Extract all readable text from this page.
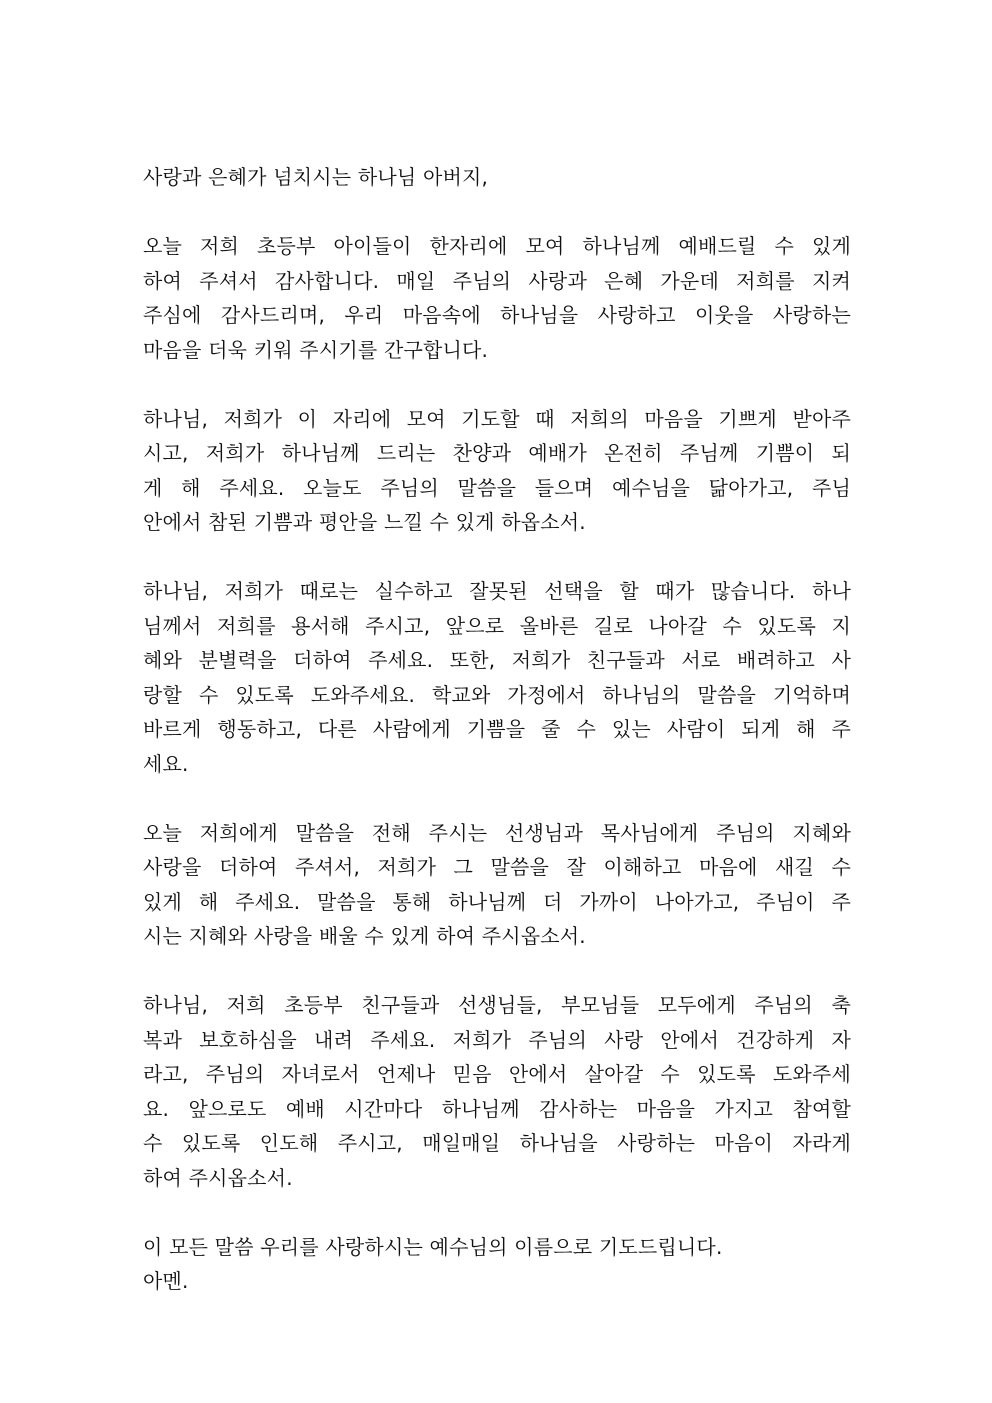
사랑과 은혜가 넘치시는 하나님 아버지,

오늘 저희 초등부 아이들이 한자리에 모여 하나님께 예배드릴 수 있게
하여 주셔서 감사합니다. 매일 주님의 사랑과 은혜 가운데 저희를 지켜
주심에 감사드리며, 우리 마음속에 하나님을 사랑하고 이웃을 사랑하는
마음을 더욱 키워 주시기를 간구합니다.

하나님, 저희가 이 자리에 모여 기도할 때 저희의 마음을 기쁘게 받아주
시고, 저희가 하나님께 드리는 찬양과 예배가 온전히 주님께 기쁨이 되
게 해 주세요. 오늘도 주님의 말씀을 들으며 예수님을 닮아가고, 주님
안에서 참된 기쁨과 평안을 느낄 수 있게 하옵소서.

하나님, 저희가 때로는 실수하고 잘못된 선택을 할 때가 많습니다. 하나
님께서 저희를 용서해 주시고, 앞으로 올바른 길로 나아갈 수 있도록 지
혜와 분별력을 더하여 주세요. 또한, 저희가 친구들과 서로 배려하고 사
랑할 수 있도록 도와주세요. 학교와 가정에서 하나님의 말씀을 기억하며
바르게 행동하고, 다른 사람에게 기쁨을 줄 수 있는 사람이 되게 해 주
세요.

오늘 저희에게 말씀을 전해 주시는 선생님과 목사님에게 주님의 지혜와
사랑을 더하여 주셔서, 저희가 그 말씀을 잘 이해하고 마음에 새길 수
있게 해 주세요. 말씀을 통해 하나님께 더 가까이 나아가고, 주님이 주
시는 지혜와 사랑을 배울 수 있게 하여 주시옵소서.

하나님, 저희 초등부 친구들과 선생님들, 부모님들 모두에게 주님의 축
복과 보호하심을 내려 주세요. 저희가 주님의 사랑 안에서 건강하게 자
라고, 주님의 자녀로서 언제나 믿음 안에서 살아갈 수 있도록 도와주세
요. 앞으로도 예배 시간마다 하나님께 감사하는 마음을 가지고 참여할
수 있도록 인도해 주시고, 매일매일 하나님을 사랑하는 마음이 자라게
하여 주시옵소서.

이 모든 말씀 우리를 사랑하시는 예수님의 이름으로 기도드립니다.
아멘.
